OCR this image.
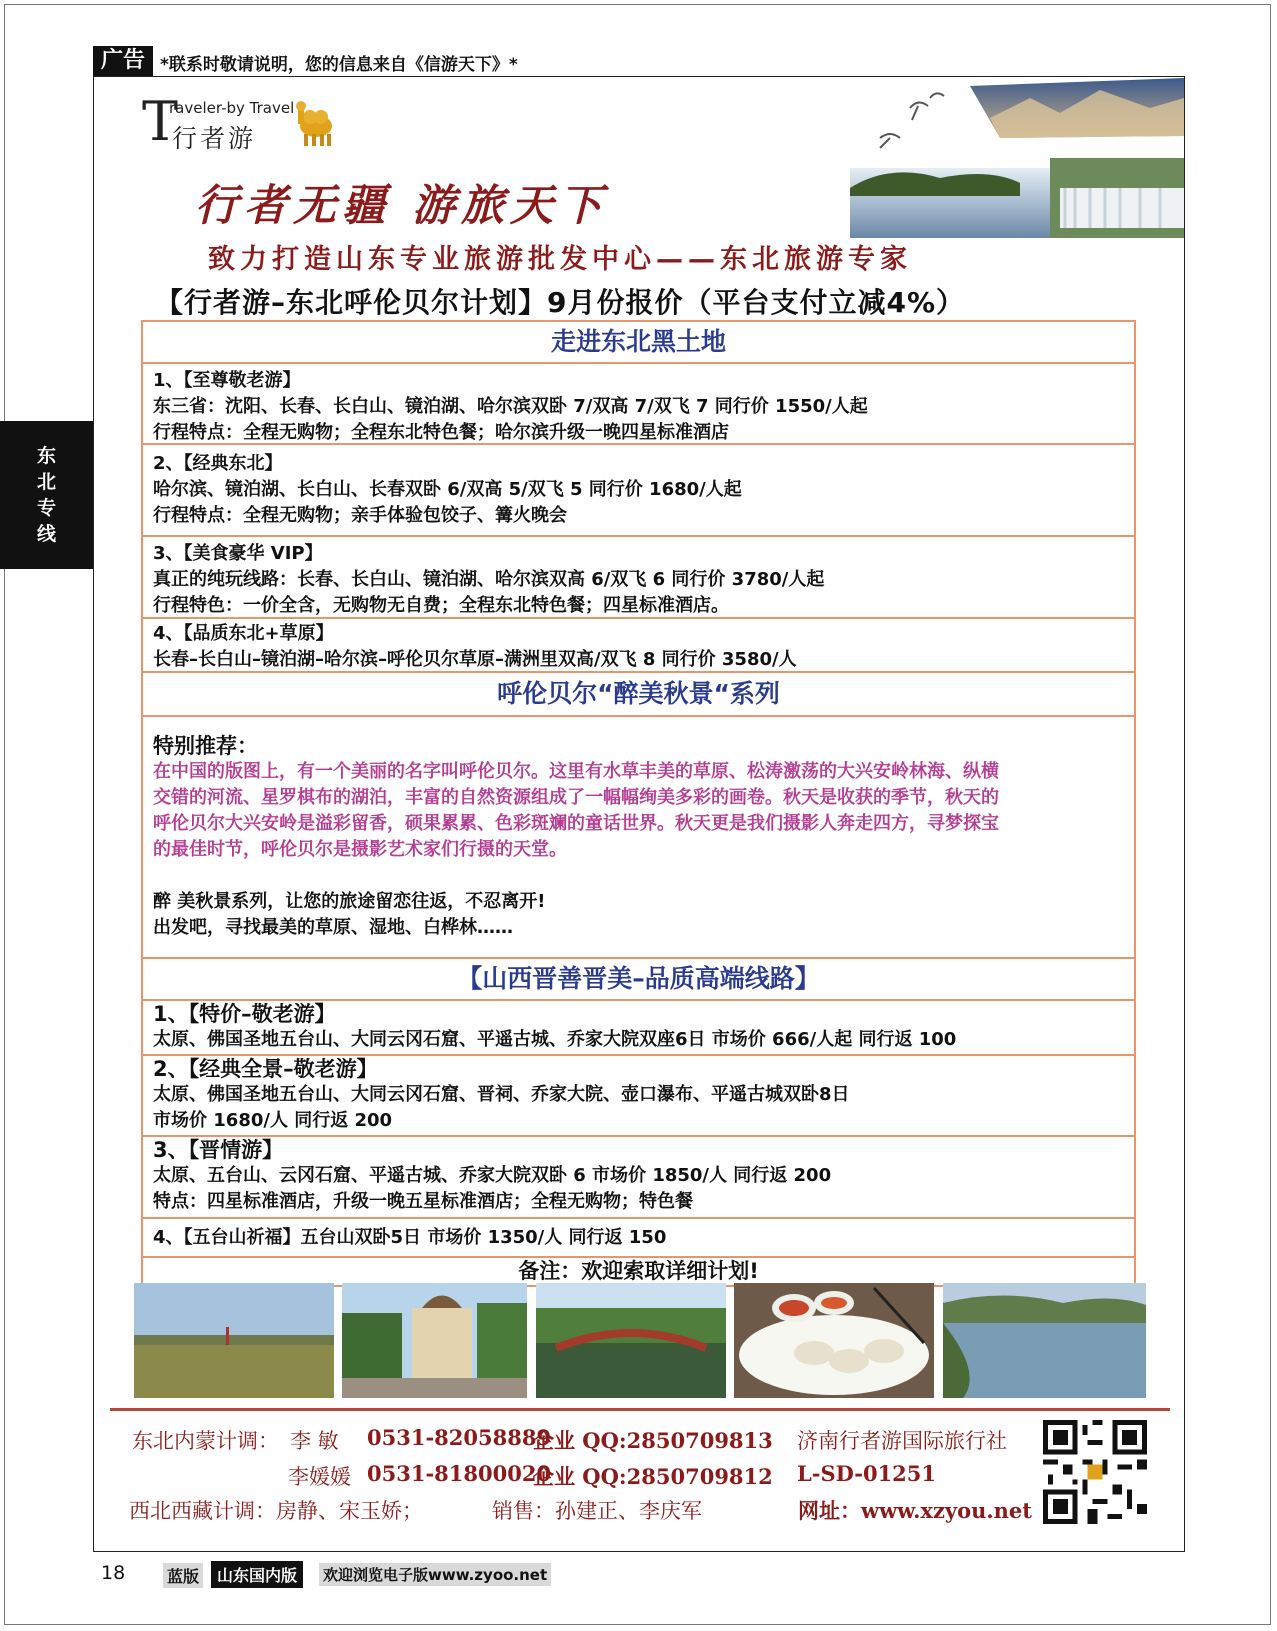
广告 *联系时敬请说明，您的信息来自《信游天下》*
东北专线
T
raveler-by Travel
行者游
行者无疆 游旅天下
致力打造山东专业旅游批发中心——东北旅游专家
【行者游–东北呼伦贝尔计划】9月份报价（平台支付立减4%）
走进东北黑土地
1、【至尊敬老游】
东三省：沈阳、长春、长白山、镜泊湖、哈尔滨双卧 7/双高 7/双飞 7 同行价 1550/人起
行程特点：全程无购物；全程东北特色餐；哈尔滨升级一晚四星标准酒店
2、【经典东北】
哈尔滨、镜泊湖、长白山、长春双卧 6/双高 5/双飞 5 同行价 1680/人起
行程特点：全程无购物；亲手体验包饺子、篝火晚会
3、【美食豪华 VIP】
真正的纯玩线路：长春、长白山、镜泊湖、哈尔滨双高 6/双飞 6 同行价 3780/人起
行程特色：一价全含，无购物无自费；全程东北特色餐；四星标准酒店。
4、【品质东北+草原】
长春–长白山–镜泊湖–哈尔滨–呼伦贝尔草原–满洲里双高/双飞 8 同行价 3580/人
呼伦贝尔“醉美秋景“系列
特别推荐：
在中国的版图上，有一个美丽的名字叫呼伦贝尔。这里有水草丰美的草原、松涛激荡的大兴安岭林海、纵横
交错的河流、星罗棋布的湖泊，丰富的自然资源组成了一幅幅绚美多彩的画卷。秋天是收获的季节，秋天的
呼伦贝尔大兴安岭是溢彩留香，硕果累累、色彩斑斓的童话世界。秋天更是我们摄影人奔走四方，寻梦探宝
的最佳时节，呼伦贝尔是摄影艺术家们行摄的天堂。
醉 美秋景系列，让您的旅途留恋往返，不忍离开!
出发吧，寻找最美的草原、湿地、白桦林……
【山西晋善晋美–品质高端线路】
1、【特价–敬老游】
太原、佛国圣地五台山、大同云冈石窟、平遥古城、乔家大院双座6日 市场价 666/人起 同行返 100
2、【经典全景–敬老游】
太原、佛国圣地五台山、大同云冈石窟、晋祠、乔家大院、壶口瀑布、平遥古城双卧8日
市场价 1680/人 同行返 200
3、【晋情游】
太原、五台山、云冈石窟、平遥古城、乔家大院双卧 6 市场价 1850/人 同行返 200
特点：四星标准酒店，升级一晚五星标准酒店；全程无购物；特色餐
4、【五台山祈福】五台山双卧5日 市场价 1350/人 同行返 150
备注：欢迎索取详细计划!
东北内蒙计调： 李 敏 0531-82058889
企业 QQ:2850709813 济南行者游国际旅行社
李媛媛 0531-81800020
企业 QQ:2850709812 L-SD-01251
西北西藏计调：房静、宋玉娇；	销售：孙建正、李庆军	网址：www.xzyou.net
18	蓝版	山东国内版	欢迎浏览电子版www.zyoo.net
